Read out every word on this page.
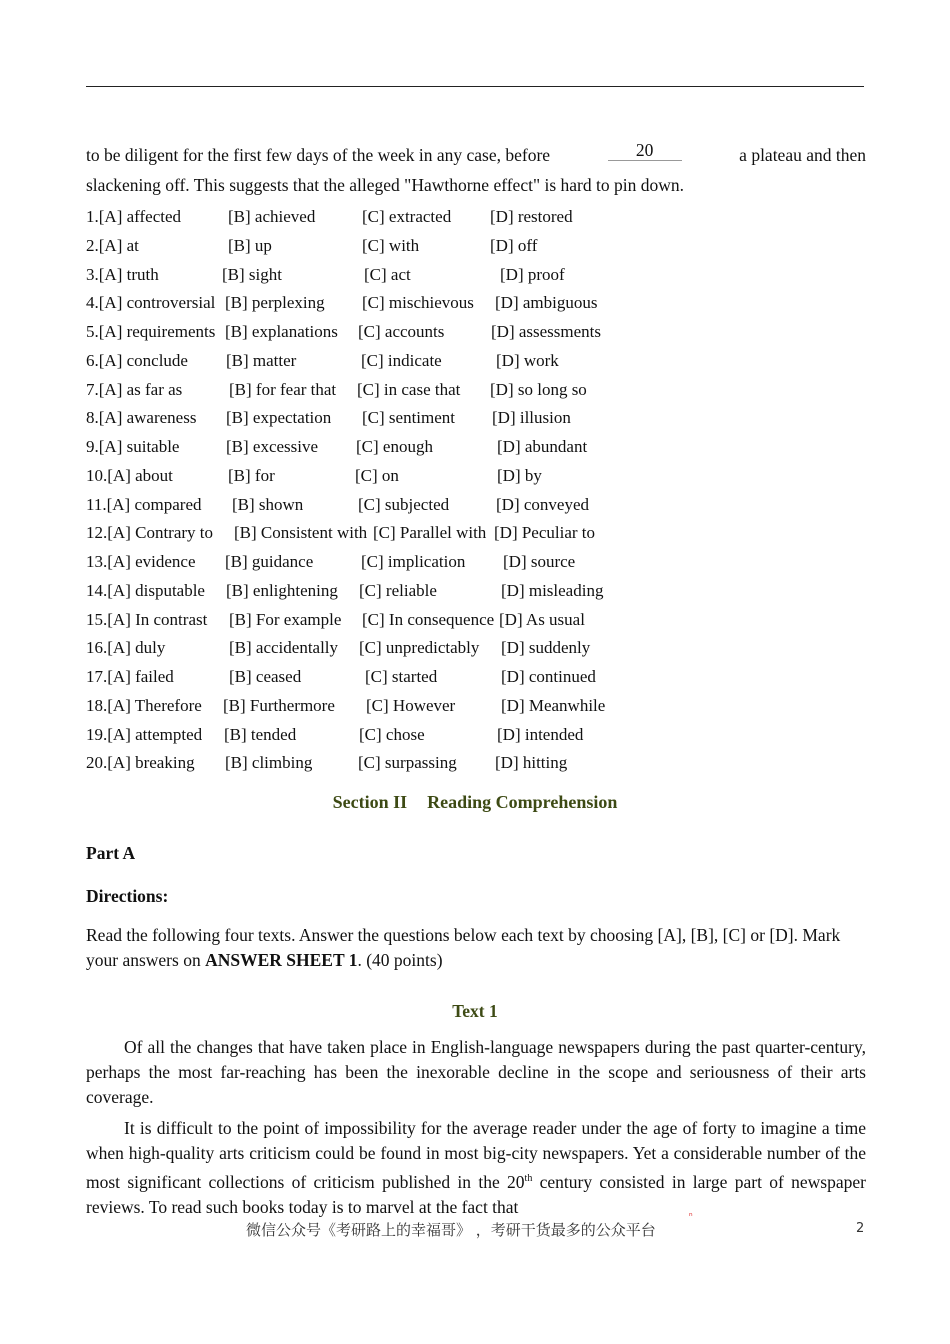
to be diligent for the first few days of the week in any case, before	20	a plateau and then
slackening off. This suggests that the alleged "Hawthorne effect" is hard to pin down.
1.[A] affected	[B] achieved	[C] extracted [D] restored
2.[A] at	[B] up	[C] with	[D] off
3.[A] truth	[B] sight	[C] act	[D] proof
4.[A] controversial [B] perplexing [C] mischievous [D] ambiguous
5.[A] requirements [B] explanations [C] accounts	[D] assessments
6.[A] conclude [B] matter	[C] indicate	[D] work
7.[A] as far as	[B] for fear that [C] in case that [D] so long so
8.[A] awareness [B] expectation [C] sentiment [D] illusion
9.[A] suitable	[B] excessive [C] enough	[D] abundant
10.[A] about	[B] for	[C] on	[D] by
11.[A] compared [B] shown	[C] subjected	[D] conveyed
12.[A] Contrary to [B] Consistent with [C] Parallel with [D] Peculiar to
13.[A] evidence [B] guidance	[C] implication [D] source
14.[A] disputable [B] enlightening [C] reliable	[D] misleading
15.[A] In contrast [B] For example [C] In consequence [D] As usual
16.[A] duly	[B] accidentally [C] unpredictably [D] suddenly
17.[A] failed	[B] ceased	[C] started	[D] continued
18.[A] Therefore [B] Furthermore [C] However	[D] Meanwhile
19.[A] attempted [B] tended	[C] chose	[D] intended
20.[A] breaking [B] climbing	[C] surpassing [D] hitting
Section II Reading Comprehension
Part A
Directions:
Read the following four texts. Answer the questions below each text by choosing [A], [B], [C] or [D]. Mark your answers on ANSWER SHEET 1. (40 points)
Text 1
Of all the changes that have taken place in English-language newspapers during the past quarter-century, perhaps the most far-reaching has been the inexorable decline in the scope and seriousness of their arts coverage.
It is difficult to the point of impossibility for the average reader under the age of forty to imagine a time when high-quality arts criticism could be found in most big-city newspapers. Yet a considerable number of the most significant collections of criticism published in the 20th century consisted in large part of newspaper reviews. To read such books today is to marvel at the fact that
微信公众号《考研路上的幸福哥》 ，考研干货最多的公众平台	2
ⁿ
